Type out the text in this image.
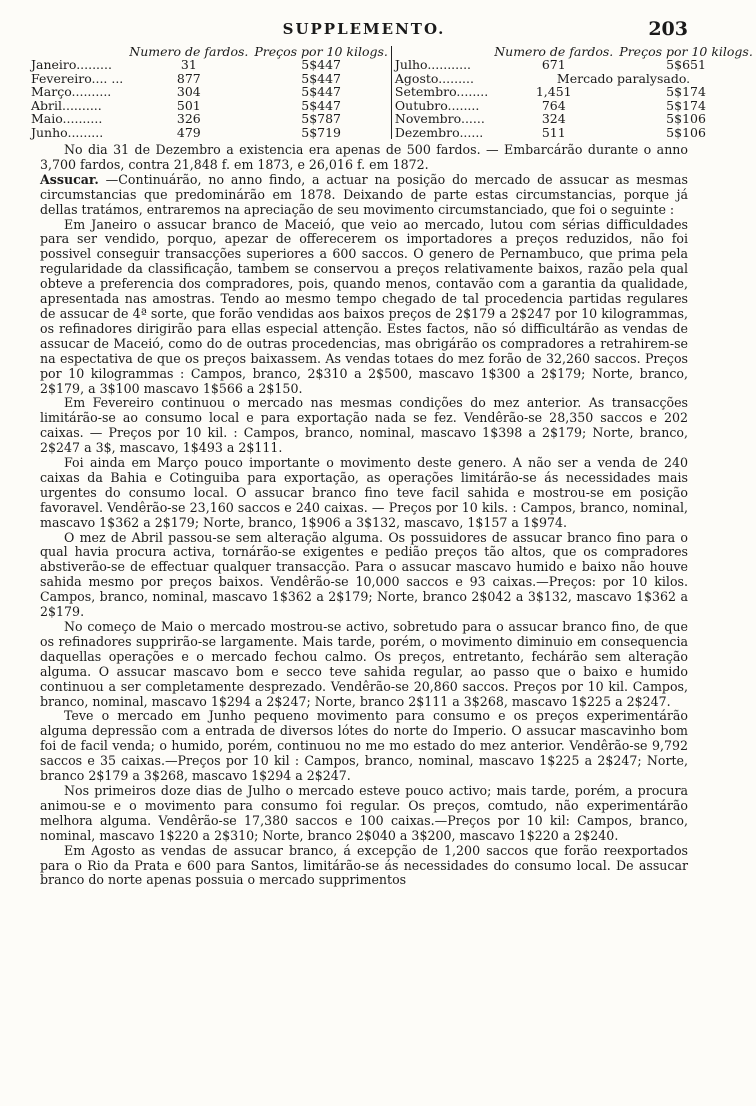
SUPPLEMENTO.	203
	Numero de fardos.	Preços por 10 kilogs.
Janeiro.........	31	5$447
Fevereiro.... ...	877	5$447
Março..........	304	5$447
Abril..........	501	5$447
Maio..........	326	5$787
Junho.........	479	5$719
	Numero de fardos.	Preços por 10 kilogs.
Julho...........	671	5$651
Agosto.........	Mercado paralysado.	
Setembro........	1,451	5$174
Outubro........	764	5$174
Novembro......	324	5$106
Dezembro......	511	5$106

No dia 31 de Dezembro a existencia era apenas de 500 fardos. — Embarcárão durante o anno 3,700 fardos, contra 21,848 f. em 1873, e 26,016 f. em 1872.

Assucar. —Continuárão, no anno findo, a actuar na posição do mercado de assucar as mesmas circumstancias que predominárão em 1878. Deixando de parte estas circumstancias, porque já dellas tratámos, entraremos na apreciação de seu movimento circumstanciado, que foi o seguinte :

Em Janeiro o assucar branco de Maceió, que veio ao mercado, lutou com sérias difficuldades para ser vendido, porquo, apezar de offerecerem os importadores a preços reduzidos, não foi possivel conseguir transacções superiores a 600 saccos. O genero de Pernambuco, que prima pela regularidade da classificação, tambem se conservou a preços relativamente baixos, razão pela qual obteve a preferencia dos compradores, pois, quando menos, contavão com a garantia da qualidade, apresentada nas amostras. Tendo ao mesmo tempo chegado de tal procedencia partidas regulares de assucar de 4ª sorte, que forão vendidas aos baixos preços de 2$179 a 2$247 por 10 kilogrammas, os refinadores dirigirão para ellas especial attenção. Estes factos, não só difficultárão as vendas de assucar de Maceió, como do de outras procedencias, mas obrigárão os compradores a retrahirem-se na espectativa de que os preços baixassem. As vendas totaes do mez forão de 32,260 saccos. Preços por 10 kilogrammas : Campos, branco, 2$310 a 2$500, mascavo 1$300 a 2$179; Norte, branco, 2$179, a 3$100 mascavo 1$566 a 2$150.

Em Fevereiro continuou o mercado nas mesmas condições do mez anterior. As transacções limitárão-se ao consumo local e para exportação nada se fez. Vendêrão-se 28,350 saccos e 202 caixas. — Preços por 10 kil. : Campos, branco, nominal, mascavo 1$398 a 2$179; Norte, branco, 2$247 a 3$, mascavo, 1$493 a 2$111.

Foi ainda em Março pouco importante o movimento deste genero. A não ser a venda de 240 caixas da Bahia e Cotinguiba para exportação, as operações limitárão-se ás necessidades mais urgentes do consumo local. O assucar branco fino teve facil sahida e mostrou-se em posição favoravel. Vendêrão-se 23,160 saccos e 240 caixas. — Preços por 10 kils. : Campos, branco, nominal, mascavo 1$362 a 2$179; Norte, branco, 1$906 a 3$132, mascavo, 1$157 a 1$974.

O mez de Abril passou-se sem alteração alguma. Os possuidores de assucar branco fino para o qual havia procura activa, tornárão-se exigentes e pedião preços tão altos, que os compradores abstiverão-se de effectuar qualquer transacção. Para o assucar mascavo humido e baixo não houve sahida mesmo por preços baixos. Vendêrão-se 10,000 saccos e 93 caixas.—Preços: por 10 kilos. Campos, branco, nominal, mascavo 1$362 a 2$179; Norte, branco 2$042 a 3$132, mascavo 1$362 a 2$179.

No começo de Maio o mercado mostrou-se activo, sobretudo para o assucar branco fino, de que os refinadores supprirão-se largamente. Mais tarde, porém, o movimento diminuio em consequencia daquellas operações e o mercado fechou calmo. Os preços, entretanto, fechárão sem alteração alguma. O assucar mascavo bom e secco teve sahida regular, ao passo que o baixo e humido continuou a ser completamente desprezado. Vendêrão-se 20,860 saccos. Preços por 10 kil. Campos, branco, nominal, mascavo 1$294 a 2$247; Norte, branco 2$111 a 3$268, mascavo 1$225 a 2$247.

Teve o mercado em Junho pequeno movimento para consumo e os preços experimentárão alguma depressão com a entrada de diversos lótes do norte do Imperio. O assucar mascavinho bom foi de facil venda; o humido, porém, continuou no me mo estado do mez anterior. Vendêrão-se 9,792 saccos e 35 caixas.—Preços por 10 kil : Campos, branco, nominal, mascavo 1$225 a 2$247; Norte, branco 2$179 a 3$268, mascavo 1$294 a 2$247.

Nos primeiros doze dias de Julho o mercado esteve pouco activo; mais tarde, porém, a procura animou-se e o movimento para consumo foi regular. Os preços, comtudo, não experimentárão melhora alguma. Vendêrão-se 17,380 saccos e 100 caixas.—Preços por 10 kil: Campos, branco, nominal, mascavo 1$220 a 2$310; Norte, branco 2$040 a 3$200, mascavo 1$220 a 2$240.

Em Agosto as vendas de assucar branco, á excepção de 1,200 saccos que forão reexportados para o Rio da Prata e 600 para Santos, limitárão-se ás necessidades do consumo local. De assucar branco do norte apenas possuia o mercado supprimentos
